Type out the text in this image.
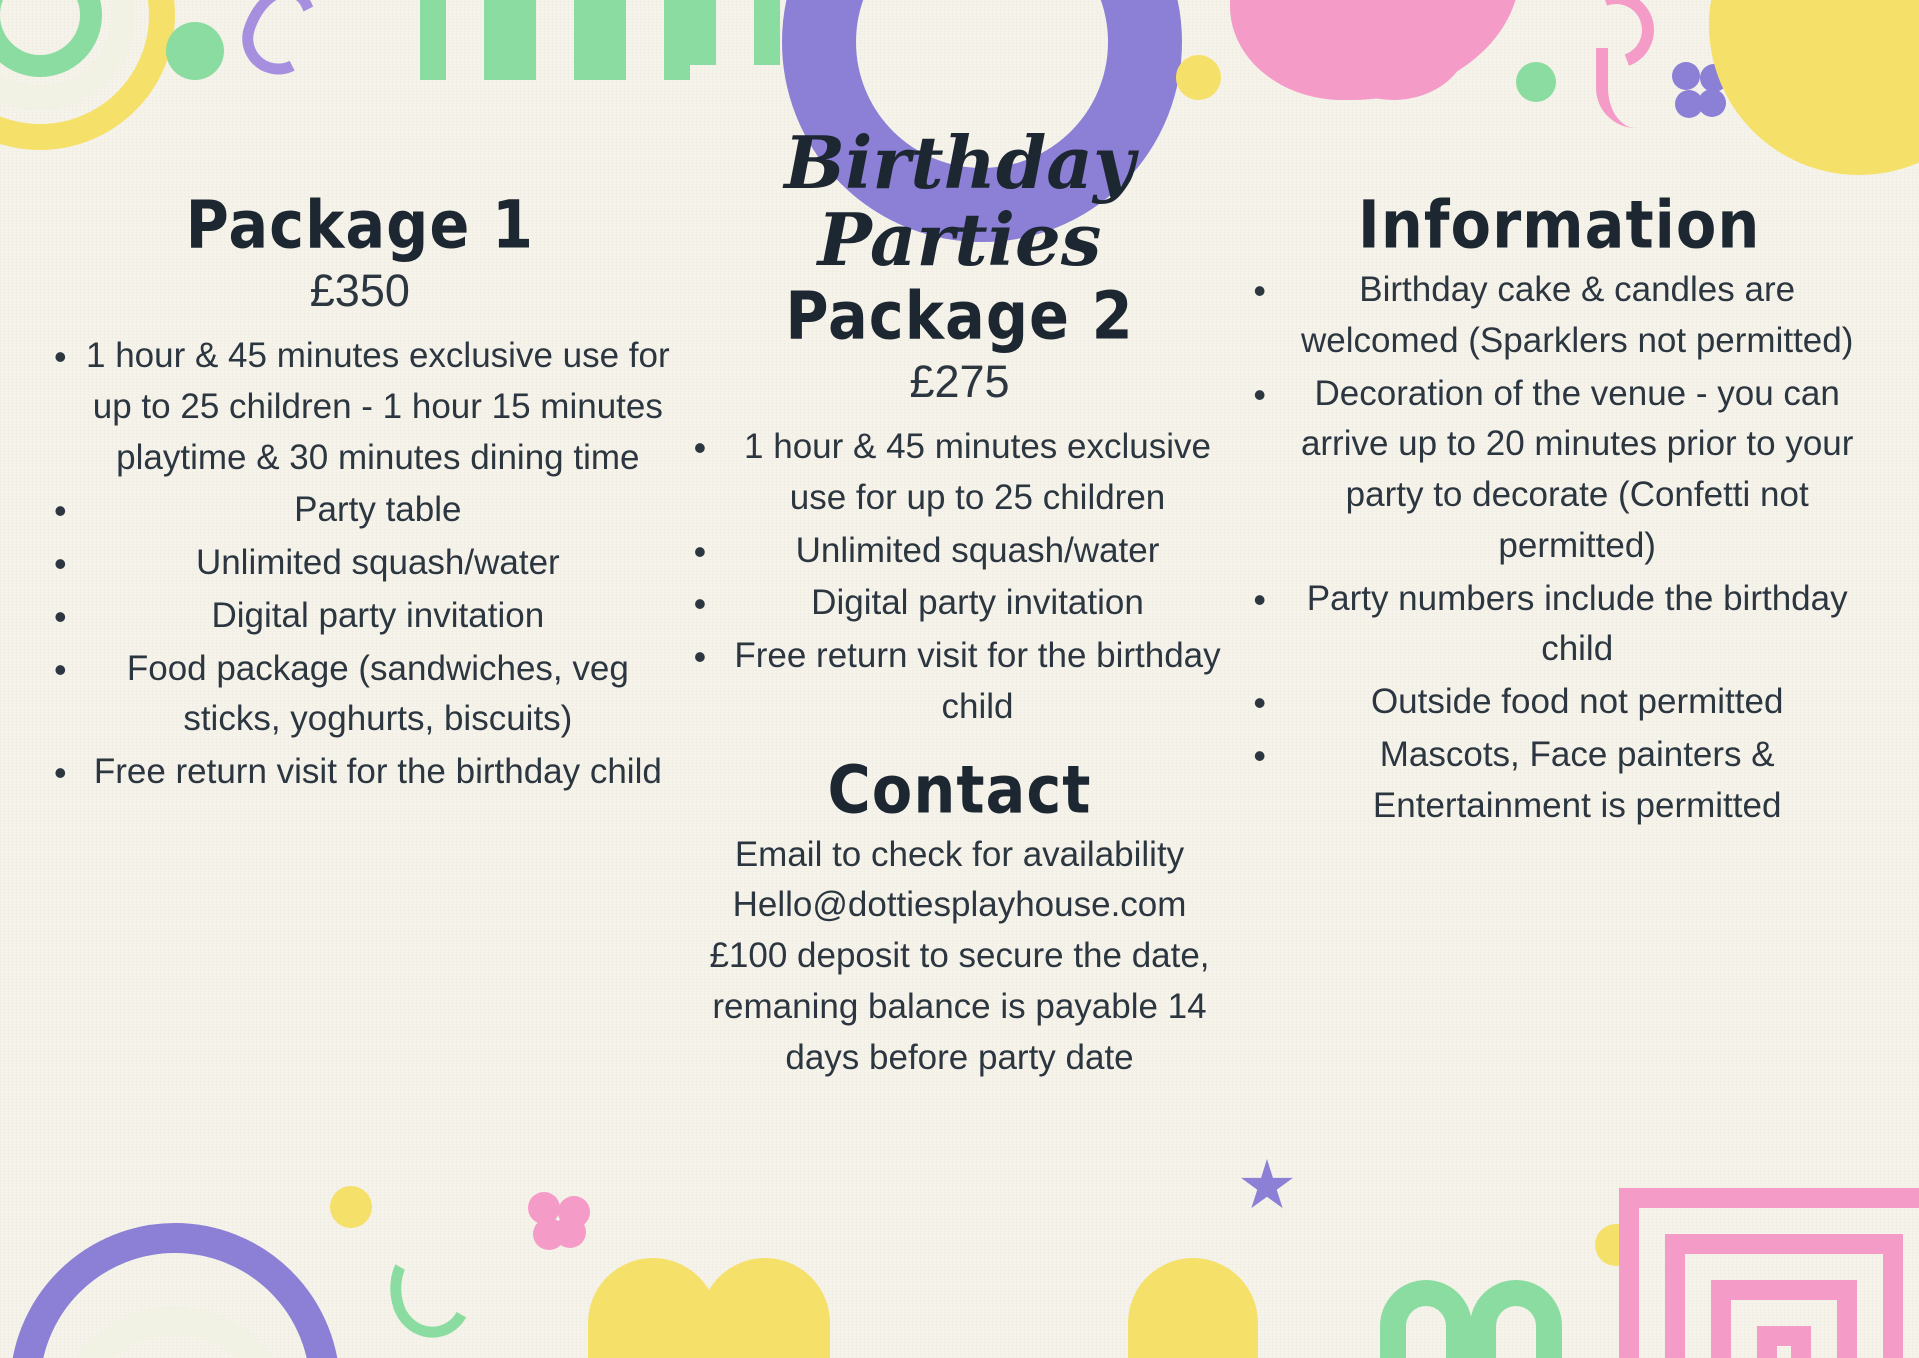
Package 1
£350
• 1 hour & 45 minutes exclusive use for up to 25 children - 1 hour 15 minutes playtime & 30 minutes dining time
• Party table
• Unlimited squash/water
• Digital party invitation
• Food package (sandwiches, veg sticks, yoghurts, biscuits)
• Free return visit for the birthday child
Birthday
Parties
Package 2
£275
• 1 hour & 45 minutes exclusive use for up to 25 children
• Unlimited squash/water
• Digital party invitation
• Free return visit for the birthday child
Contact

Email to check for availability

Hello@dottiesplayhouse.com

£100 deposit to secure the date,

remaning balance is payable 14

days before party date

Information
• Birthday cake & candles are welcomed (Sparklers not permitted)
• Decoration of the venue - you can arrive up to 20 minutes prior to your party to decorate (Confetti not permitted)
• Party numbers include the birthday child
• Outside food not permitted
• Mascots, Face painters & Entertainment is permitted
